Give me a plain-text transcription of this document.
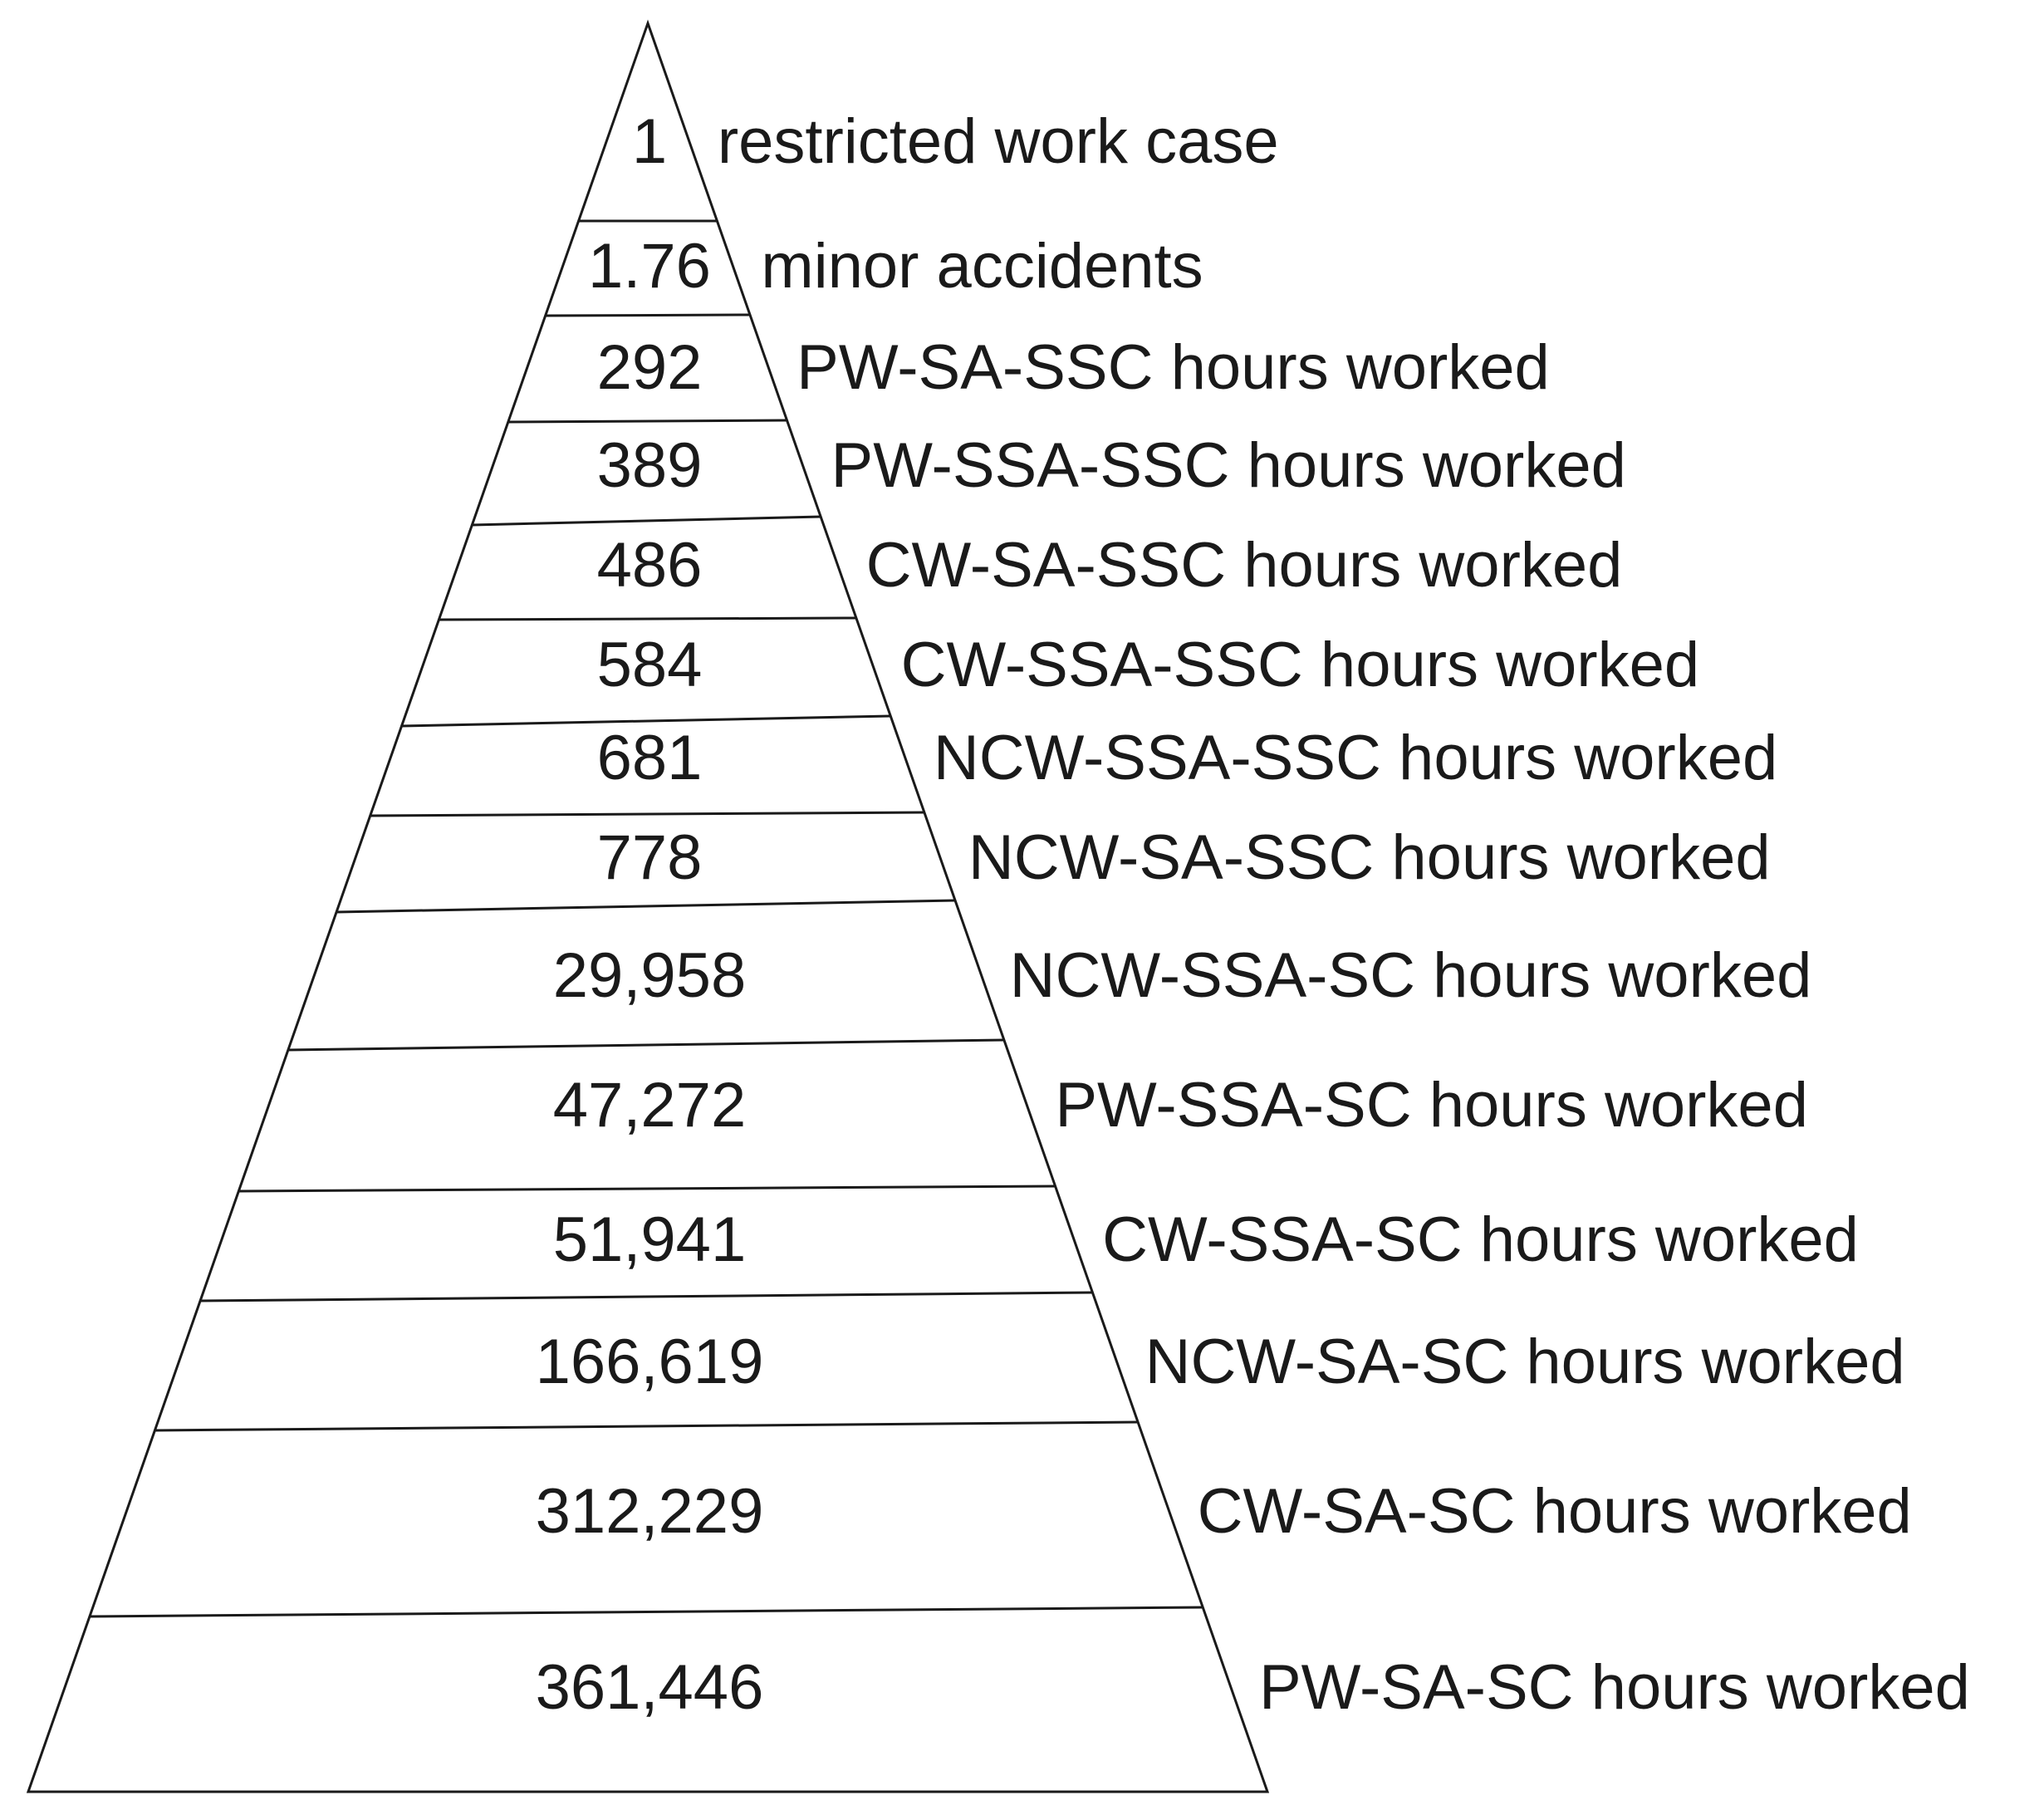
1
1.76
292
389
486
584
681
778
29,958
47,272
51,941
166,619
312,229
361,446
restricted work case
minor accidents
PW-SA-SSC hours worked
PW-SSA-SSC hours worked
CW-SA-SSC hours worked
CW-SSA-SSC hours worked
NCW-SSA-SSC hours worked
NCW-SA-SSC hours worked
NCW-SSA-SC hours worked
PW-SSA-SC hours worked
CW-SSA-SC hours worked
NCW-SA-SC hours worked
CW-SA-SC hours worked
PW-SA-SC hours worked
